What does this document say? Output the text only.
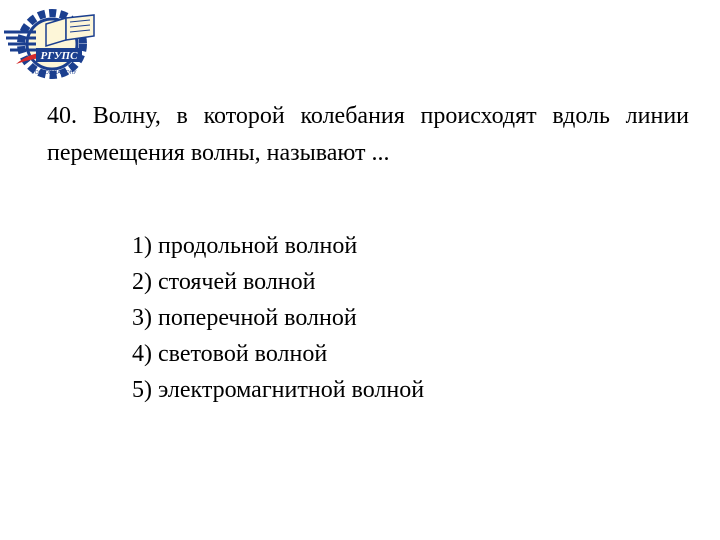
РГУПС
РОСТОВ-НА-ДОНУ
40. Волну, в которой колебания происходят вдоль линии перемещения волны, называют ...
1) продольной волной
2) стоячей волной
3) поперечной волной
4) световой волной
5) электромагнитной волной
